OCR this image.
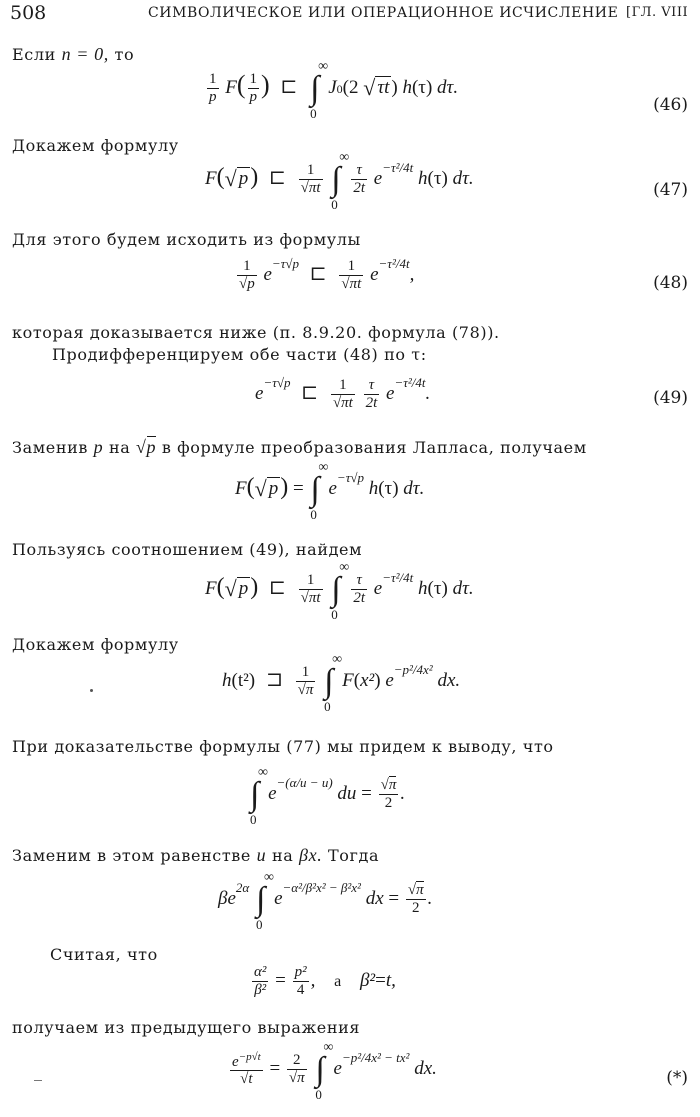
508	СИМВОЛИЧЕСКОЕ ИЛИ ОПЕРАЦИОННОЕ ИСЧИСЛЕНИЕ [ГЛ. VIII
Если n = 0, то
$\frac{1}{p} F( \frac{1}{p}$ ) ⊏ ∫
∞
0
J0(2 √ τt ) h(τ) dτ.
(46)
Докажем формулу
F(√ p) ⊏ $\frac{1}{√\pi t}$ ∫
∞
0

$\frac{\tau}{2t} e^{-\tau^2/4t}$ h(τ) dτ.
(47)
Для этого будем исходить из формулы
$\frac{1}{√p} e^{-\tau√p}$ ⊏ $\frac{1}{√\pi t} e^{-\tau^2/4t}$,	(48)
которая доказывается ниже (п. 8.9.20. формула (78)).
Продифференцируем обе части (48) по τ:
$e^{-\tau√p}$ ⊏ $\frac{1}{√\pi t}$
$\frac{\tau}{2t} e^{-\tau^2/4t}$.	(49)
Заменив p на √p в формуле преобразования Лапласа, получаем
F(√ p) = ∫
∞
0
$e^{-\tau√p}$ h(τ) dτ.
Пользуясь соотношением (49), найдем
F(√ p) ⊏ $\frac{1}{√\pi t}$ ∫
∞
0

$\frac{\tau}{2t} e^{-\tau^2/4t}$ h(τ) dτ.
Докажем формулу
h(t²) ⊐ $\frac{1}{√\pi}$ ∫
∞
0
F(x²) $e^{-p^2/4x^2}$ dx.
При доказательстве формулы (77) мы придем к выводу, что
∫
∞
0
$e^{-(\alpha/u - u)}$ du = $\frac{√\pi}{2}$ .
Заменим в этом равенстве u на βx. Тогда
$\beta e^{2\alpha}$ ∫
∞
0
$e^{-\alpha^2/\beta^2x^2 - \beta^2x^2}$ dx = $\frac{√\pi}{2}$ .
Считая, что
$\frac{\text{α²}}{\text{β²}} = \frac{\text{p²}}{4}$ , а β²=t,
получаем из предыдущего выражения
$\frac{e^{-p√t}}{√t} = \frac{2}{√\pi}$ ∫
∞
0
$e^{-p^2/4x^2 - tx^2}$ dx.	(*)
